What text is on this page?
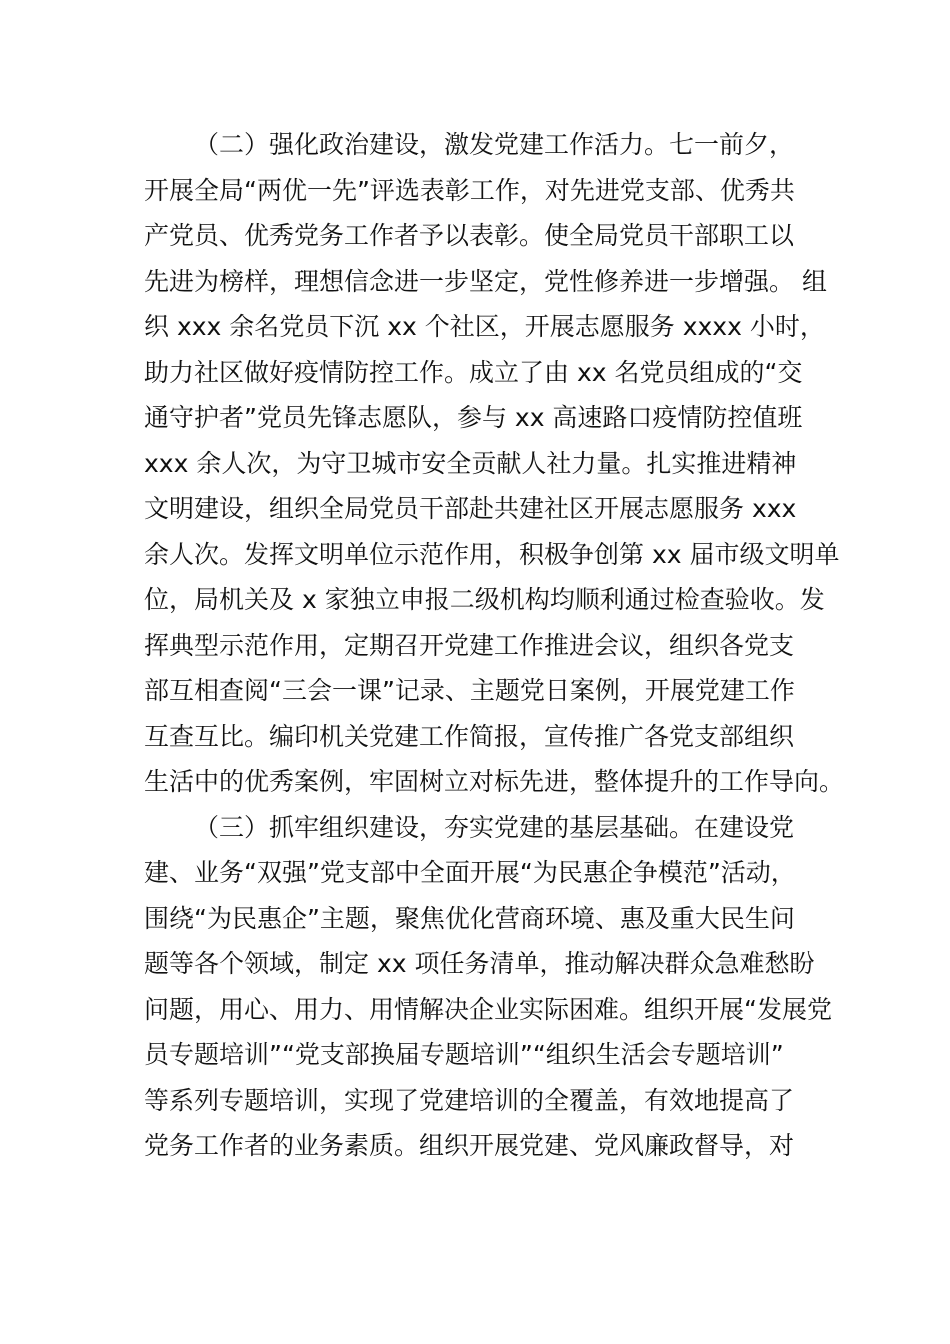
（二）强化政治建设，激发党建工作活力。七一前夕，
开展全局“两优一先”评选表彰工作，对先进党支部、优秀共
产党员、优秀党务工作者予以表彰。使全局党员干部职工以
先进为榜样，理想信念进一步坚定，党性修养进一步增强。 组
织 xxx 余名党员下沉 xx 个社区，开展志愿服务 xxxx 小时，
助力社区做好疫情防控工作。成立了由 xx 名党员组成的“交
通守护者”党员先锋志愿队，参与 xx 高速路口疫情防控值班
xxx 余人次，为守卫城市安全贡献人社力量。扎实推进精神
文明建设，组织全局党员干部赴共建社区开展志愿服务 xxx
余人次。发挥文明单位示范作用，积极争创第 xx 届市级文明单
位，局机关及 x 家独立申报二级机构均顺利通过检查验收。发
挥典型示范作用，定期召开党建工作推进会议，组织各党支
部互相查阅“三会一课”记录、主题党日案例，开展党建工作
互查互比。编印机关党建工作简报，宣传推广各党支部组织
生活中的优秀案例，牢固树立对标先进，整体提升的工作导向。
（三）抓牢组织建设，夯实党建的基层基础。在建设党
建、业务“双强”党支部中全面开展“为民惠企争模范”活动，
围绕“为民惠企”主题，聚焦优化营商环境、惠及重大民生问
题等各个领域，制定 xx 项任务清单，推动解决群众急难愁盼
问题，用心、用力、用情解决企业实际困难。组织开展“发展党
员专题培训”“党支部换届专题培训”“组织生活会专题培训”
等系列专题培训，实现了党建培训的全覆盖，有效地提高了
党务工作者的业务素质。组织开展党建、党风廉政督导，对
